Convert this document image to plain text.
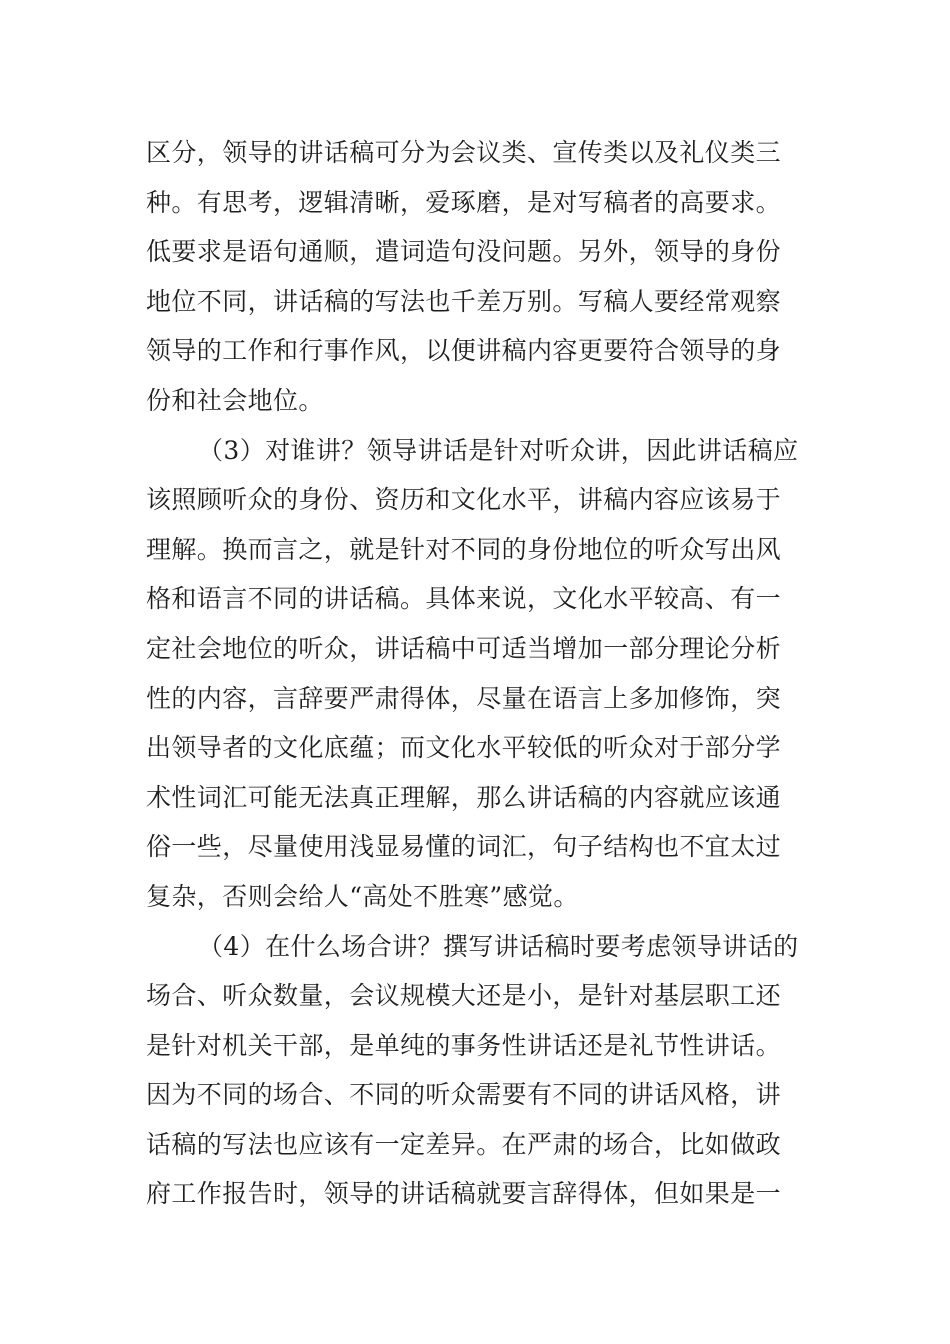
区分，领导的讲话稿可分为会议类、宣传类以及礼仪类三
种。有思考，逻辑清晰，爱琢磨，是对写稿者的高要求。
低要求是语句通顺，遣词造句没问题。另外，领导的身份
地位不同，讲话稿的写法也千差万别。写稿人要经常观察
领导的工作和行事作风，以便讲稿内容更要符合领导的身
份和社会地位。
（3）对谁讲？领导讲话是针对听众讲，因此讲话稿应
该照顾听众的身份、资历和文化水平，讲稿内容应该易于
理解。换而言之，就是针对不同的身份地位的听众写出风
格和语言不同的讲话稿。具体来说，文化水平较高、有一
定社会地位的听众，讲话稿中可适当增加一部分理论分析
性的内容，言辞要严肃得体，尽量在语言上多加修饰，突
出领导者的文化底蕴；而文化水平较低的听众对于部分学
术性词汇可能无法真正理解，那么讲话稿的内容就应该通
俗一些，尽量使用浅显易懂的词汇，句子结构也不宜太过
复杂，否则会给人“高处不胜寒”感觉。
（4）在什么场合讲？撰写讲话稿时要考虑领导讲话的
场合、听众数量，会议规模大还是小，是针对基层职工还
是针对机关干部，是单纯的事务性讲话还是礼节性讲话。
因为不同的场合、不同的听众需要有不同的讲话风格，讲
话稿的写法也应该有一定差异。在严肃的场合，比如做政
府工作报告时，领导的讲话稿就要言辞得体，但如果是一
